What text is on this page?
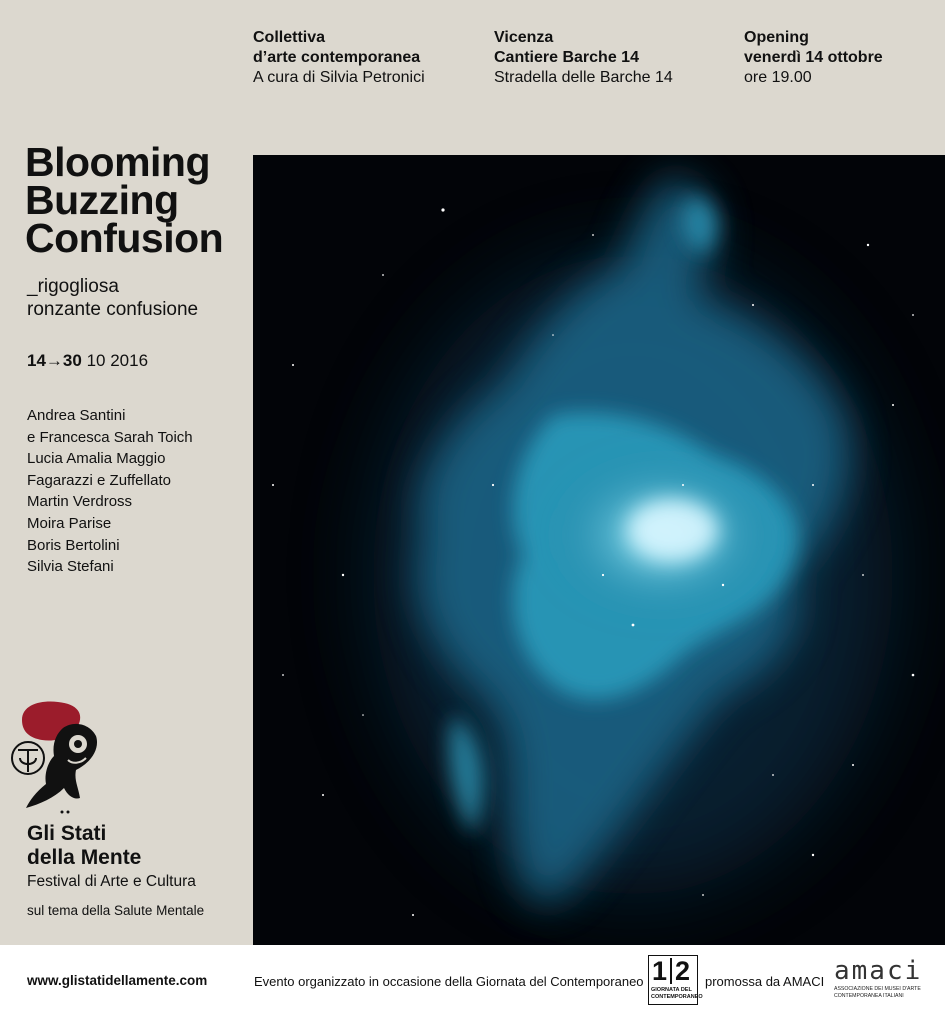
Collettiva
d’arte contemporanea
A cura di Silvia Petronici
Vicenza
Cantiere Barche 14
Stradella delle Barche 14
Opening
venerdì 14 ottobre
ore 19.00
Blooming
Buzzing
Confusion
_rigogliosa
ronzante confusione
14→30 10 2016
Andrea Santini
e Francesca Sarah Toich
Lucia Amalia Maggio
Fagarazzi e Zuffellato
Martin Verdross
Moira Parise
Boris Bertolini
Silvia Stefani
Gli Stati
della Mente
Festival di Arte e Cultura
sul tema della Salute Mentale
www.glistatidellamente.com	Evento organizzato in occasione della Giornata del Contemporaneo 1 2
GIORNATA DEL
CONTEMPORANEO
promossa da AMACI amaci
ASSOCIAZIONE DEI MUSEI D'ARTE
CONTEMPORANEA ITALIANI
